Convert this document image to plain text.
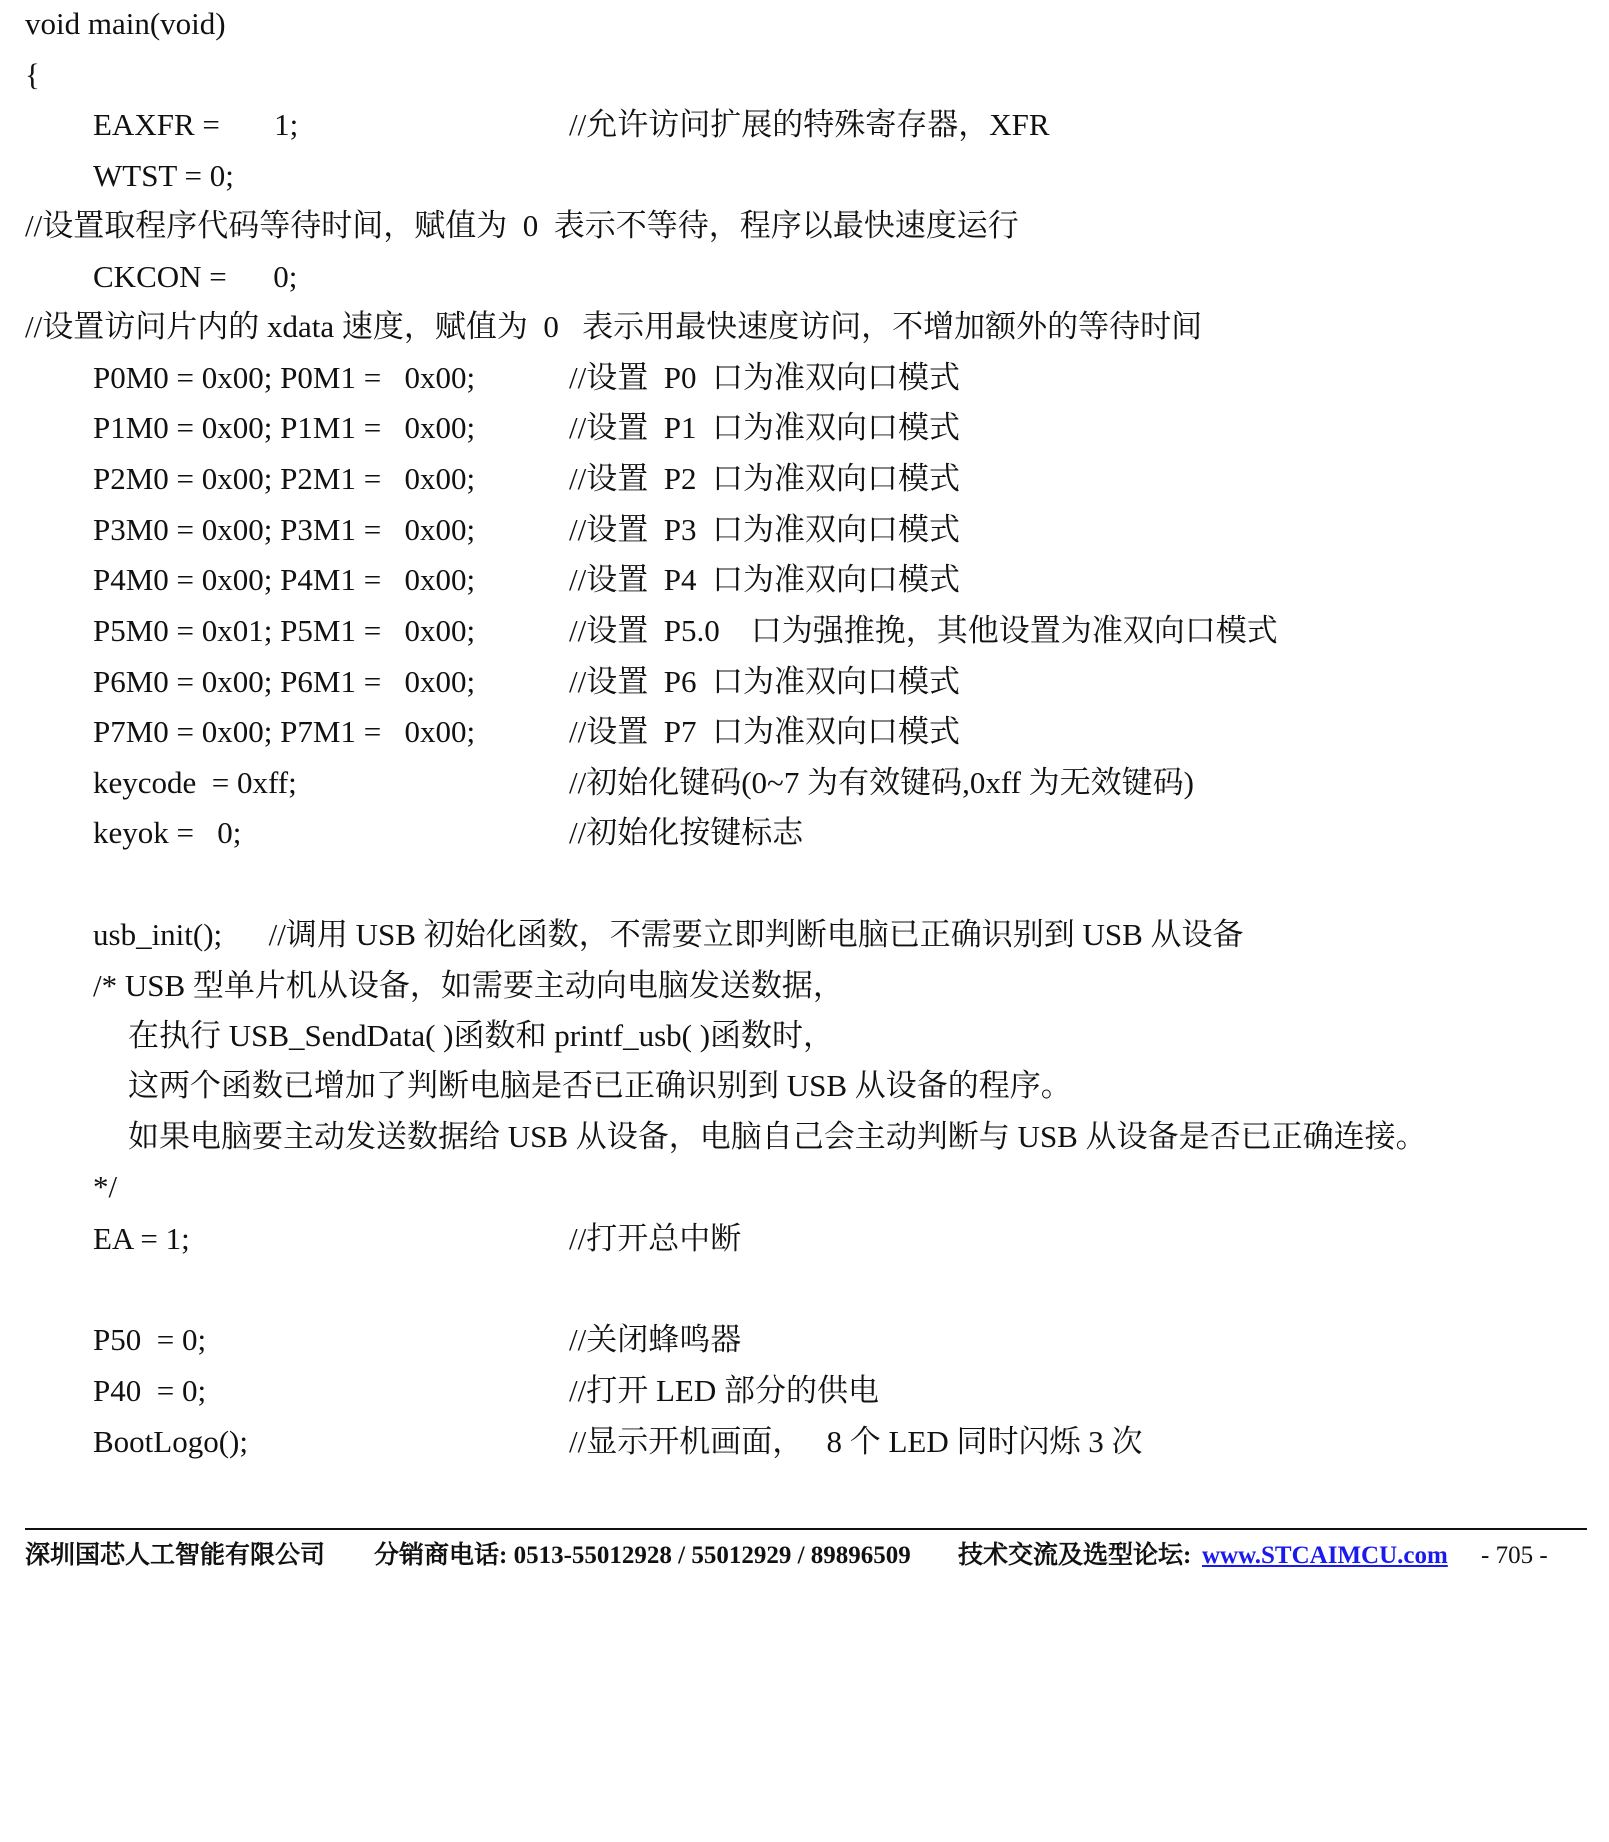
void main(void)
{
EAXFR =       1;	//允许访问扩展的特殊寄存器，XFR
WTST = 0;
//设置取程序代码等待时间，赋值为  0  表示不等待，程序以最快速度运行
CKCON =      0;
//设置访问片内的 xdata 速度，赋值为  0   表示用最快速度访问，不增加额外的等待时间
P0M0 = 0x00; P0M1 =   0x00;	//设置  P0  口为准双向口模式
P1M0 = 0x00; P1M1 =   0x00;	//设置  P1  口为准双向口模式
P2M0 = 0x00; P2M1 =   0x00;	//设置  P2  口为准双向口模式
P3M0 = 0x00; P3M1 =   0x00;	//设置  P3  口为准双向口模式
P4M0 = 0x00; P4M1 =   0x00;	//设置  P4  口为准双向口模式
P5M0 = 0x01; P5M1 =   0x00;	//设置  P5.0    口为强推挽，其他设置为准双向口模式
P6M0 = 0x00; P6M1 =   0x00;	//设置  P6  口为准双向口模式
P7M0 = 0x00; P7M1 =   0x00;	//设置  P7  口为准双向口模式
keycode  = 0xff;	//初始化键码(0~7 为有效键码,0xff 为无效键码)
keyok =   0;	//初始化按键标志
usb_init();      //调用 USB 初始化函数，不需要立即判断电脑已正确识别到 USB 从设备
/* USB 型单片机从设备，如需要主动向电脑发送数据，
在执行 USB_SendData( )函数和 printf_usb( )函数时，
这两个函数已增加了判断电脑是否已正确识别到 USB 从设备的程序。
如果电脑要主动发送数据给 USB 从设备，电脑自己会主动判断与 USB 从设备是否已正确连接。
*/
EA = 1;	//打开总中断
P50  = 0;	//关闭蜂鸣器
P40  = 0;	//打开 LED 部分的供电
BootLogo();	//显示开机画面，   8 个 LED 同时闪烁 3 次

深圳国芯人工智能有限公司

分销商电话: 0513-55012928 / 55012929 / 89896509

技术交流及选型论坛:

www.STCAIMCU.com

- 705 -
